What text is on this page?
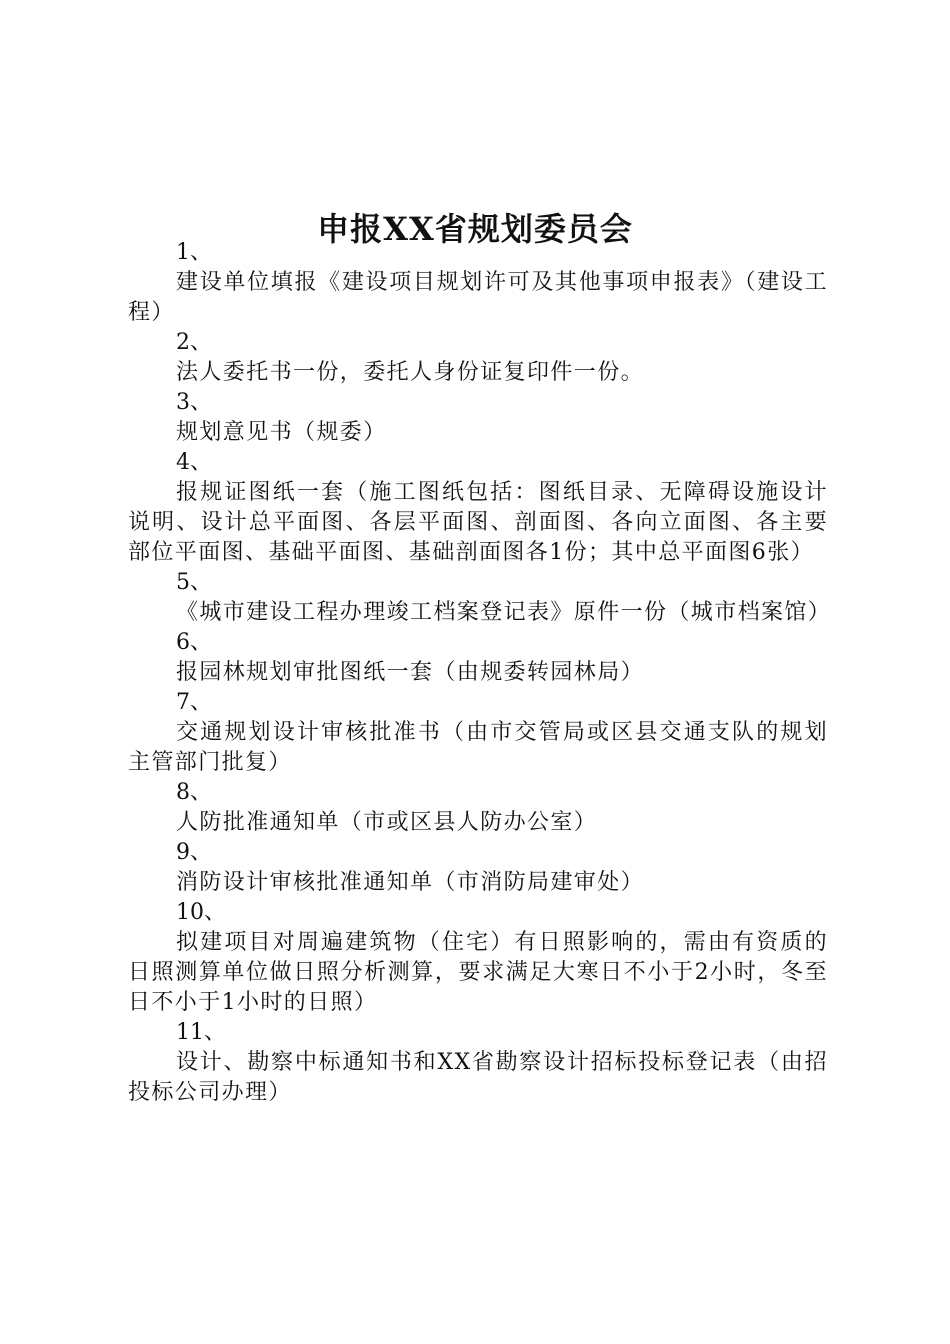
申报XX省规划委员会
1、
建设单位填报《建设项目规划许可及其他事项申报表》（建设工程）
2、
法人委托书一份，委托人身份证复印件一份。
3、
规划意见书（规委）
4、
报规证图纸一套（施工图纸包括：图纸目录、无障碍设施设计说明、设计总平面图、各层平面图、剖面图、各向立面图、各主要部位平面图、基础平面图、基础剖面图各1份；其中总平面图6张）
5、
《城市建设工程办理竣工档案登记表》原件一份（城市档案馆）
6、
报园林规划审批图纸一套（由规委转园林局）
7、
交通规划设计审核批准书（由市交管局或区县交通支队的规划主管部门批复）
8、
人防批准通知单（市或区县人防办公室）
9、
消防设计审核批准通知单（市消防局建审处）
10、
拟建项目对周遍建筑物（住宅）有日照影响的，需由有资质的日照测算单位做日照分析测算，要求满足大寒日不小于2小时，冬至日不小于1小时的日照）
11、
设计、勘察中标通知书和XX省勘察设计招标投标登记表（由招投标公司办理）
